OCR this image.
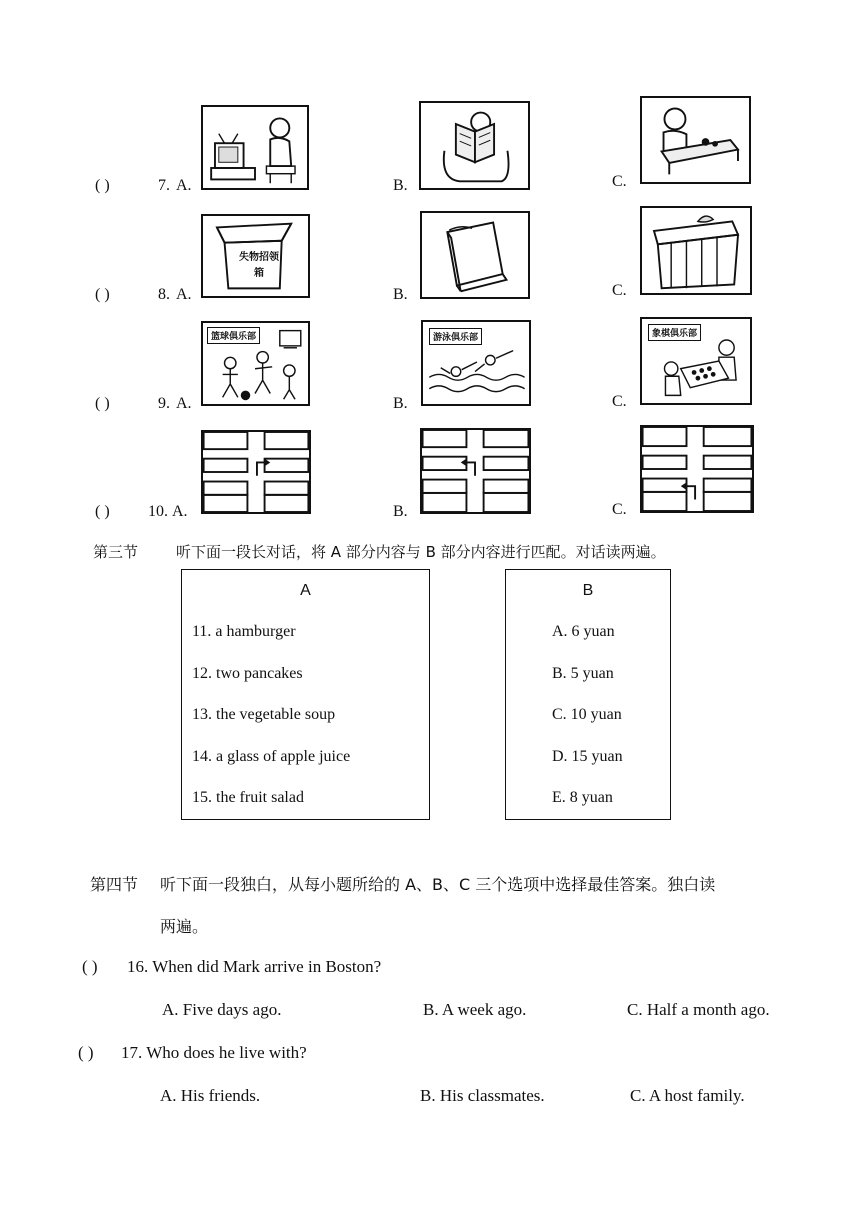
( )	7. A.	B.	C.
( )	8. A.
失物招领箱
B.	C.
( )	9. A.
篮球俱乐部
B.
游泳俱乐部
C.
象棋俱乐部
( ) 10. A.	B.	C.
第三节	听下面一段长对话，将 A 部分内容与 B 部分内容进行匹配。对话读两遍。
A
11. a hamburger
12. two pancakes
13. the vegetable soup
14. a glass of apple juice
15. the fruit salad
B
A. 6 yuan
B. 5 yuan
C. 10 yuan
D. 15 yuan
E. 8 yuan
第四节 听下面一段独白，从每小题所给的 A、B、C 三个选项中选择最佳答案。独白读
两遍。
( ) 16. When did Mark arrive in Boston?
A. Five days ago.	B. A week ago.	C. Half a month ago.
( ) 17. Who does he live with?
A. His friends.	B. His classmates.	C. A host family.
